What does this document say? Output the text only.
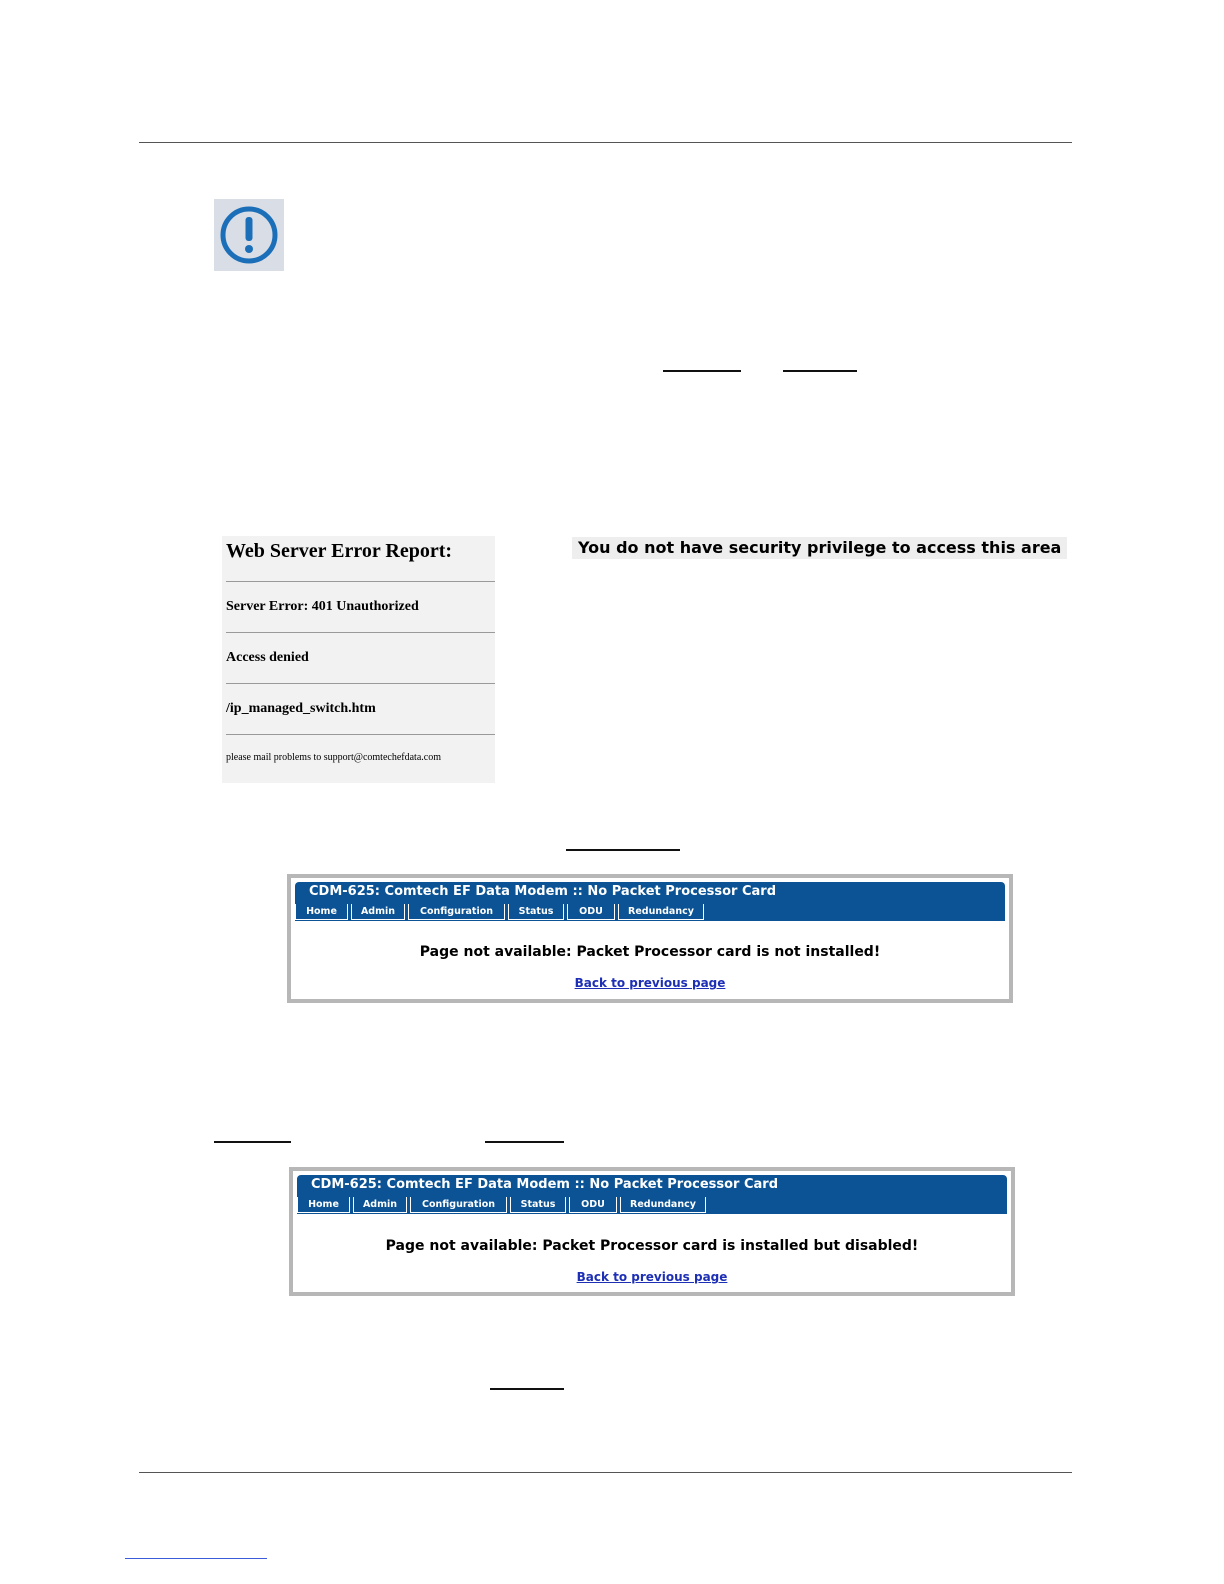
Web Server Error Report:
Server Error: 401 Unauthorized
Access denied
/ip_managed_switch.htm
please mail problems to support@comtechefdata.com
You do not have security privilege to access this area
CDM-625: Comtech EF Data Modem :: No Packet Processor Card
Home	Admin	Configuration	Status	ODU	Redundancy
Page not available: Packet Processor card is not installed!
Back to previous page
CDM-625: Comtech EF Data Modem :: No Packet Processor Card
Home	Admin	Configuration	Status	ODU	Redundancy
Page not available: Packet Processor card is installed but disabled!
Back to previous page
